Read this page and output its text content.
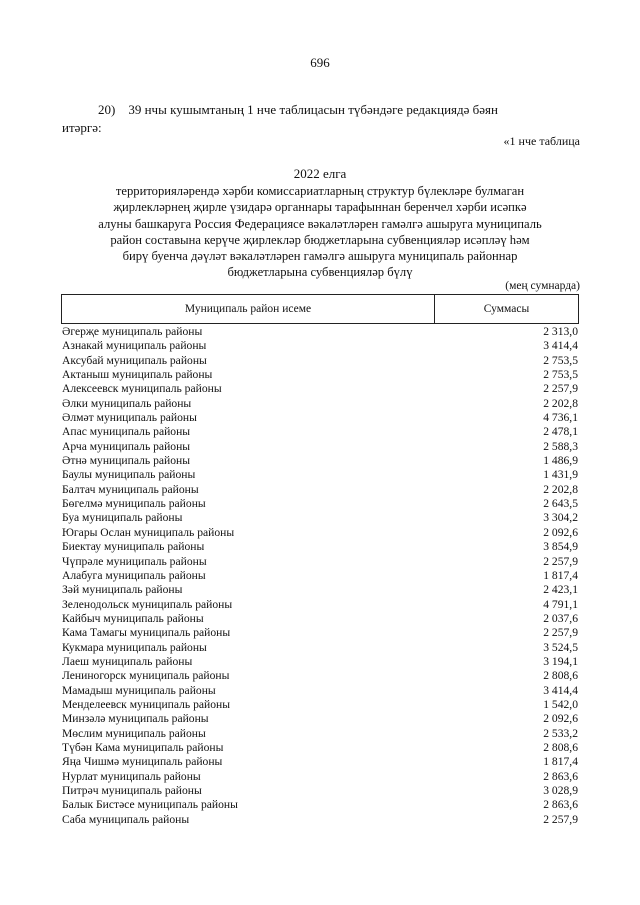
696
20) 39 нчы кушымтаның 1 нче таблицасын түбәндәге редакциядә бәян
итәргә:
«1 нче таблица
2022 елга
территорияләрендә хәрби комиссариатларның структур бүлекләре булмаган
җирлекләрнең җирле үзидарә органнары тарафыннан беренчел хәрби исәпкә
алуны башкаруга Россия Федерациясе вәкаләтләрен гамәлгә ашыруга муниципаль
район составына керүче җирлекләр бюджетларына субвенцияләр исәпләү һәм
бирү буенча дәүләт вәкаләтләрен гамәлгә ашыруга муниципаль районнар
бюджетларына субвенцияләр бүлү
(мең сумнарда)
Муниципаль район исеме	Суммасы
Әгерҗе муниципаль районы	2 313,0
Азнакай муниципаль районы	3 414,4
Аксубай муниципаль районы	2 753,5
Актаныш муниципаль районы	2 753,5
Алексеевск муниципаль районы	2 257,9
Әлки муниципаль районы	2 202,8
Әлмәт муниципаль районы	4 736,1
Апас муниципаль районы	2 478,1
Арча муниципаль районы	2 588,3
Әтнә муниципаль районы	1 486,9
Баулы муниципаль районы	1 431,9
Балтач муниципаль районы	2 202,8
Бөгелмә муниципаль районы	2 643,5
Буа муниципаль районы	3 304,2
Югары Ослан муниципаль районы	2 092,6
Биектау муниципаль районы	3 854,9
Чүпрәле муниципаль районы	2 257,9
Алабуга муниципаль районы	1 817,4
Зәй муниципаль районы	2 423,1
Зеленодольск муниципаль районы	4 791,1
Кайбыч муниципаль районы	2 037,6
Кама Тамагы муниципаль районы	2 257,9
Кукмара муниципаль районы	3 524,5
Лаеш муниципаль районы	3 194,1
Лениногорск муниципаль районы	2 808,6
Мамадыш муниципаль районы	3 414,4
Менделеевск муниципаль районы	1 542,0
Минзәлә муниципаль районы	2 092,6
Мөслим муниципаль районы	2 533,2
Түбән Кама муниципаль районы	2 808,6
Яңа Чишмә муниципаль районы	1 817,4
Нурлат муниципаль районы	2 863,6
Питрәч муниципаль районы	3 028,9
Балык Бистәсе муниципаль районы	2 863,6
Саба муниципаль районы	2 257,9
